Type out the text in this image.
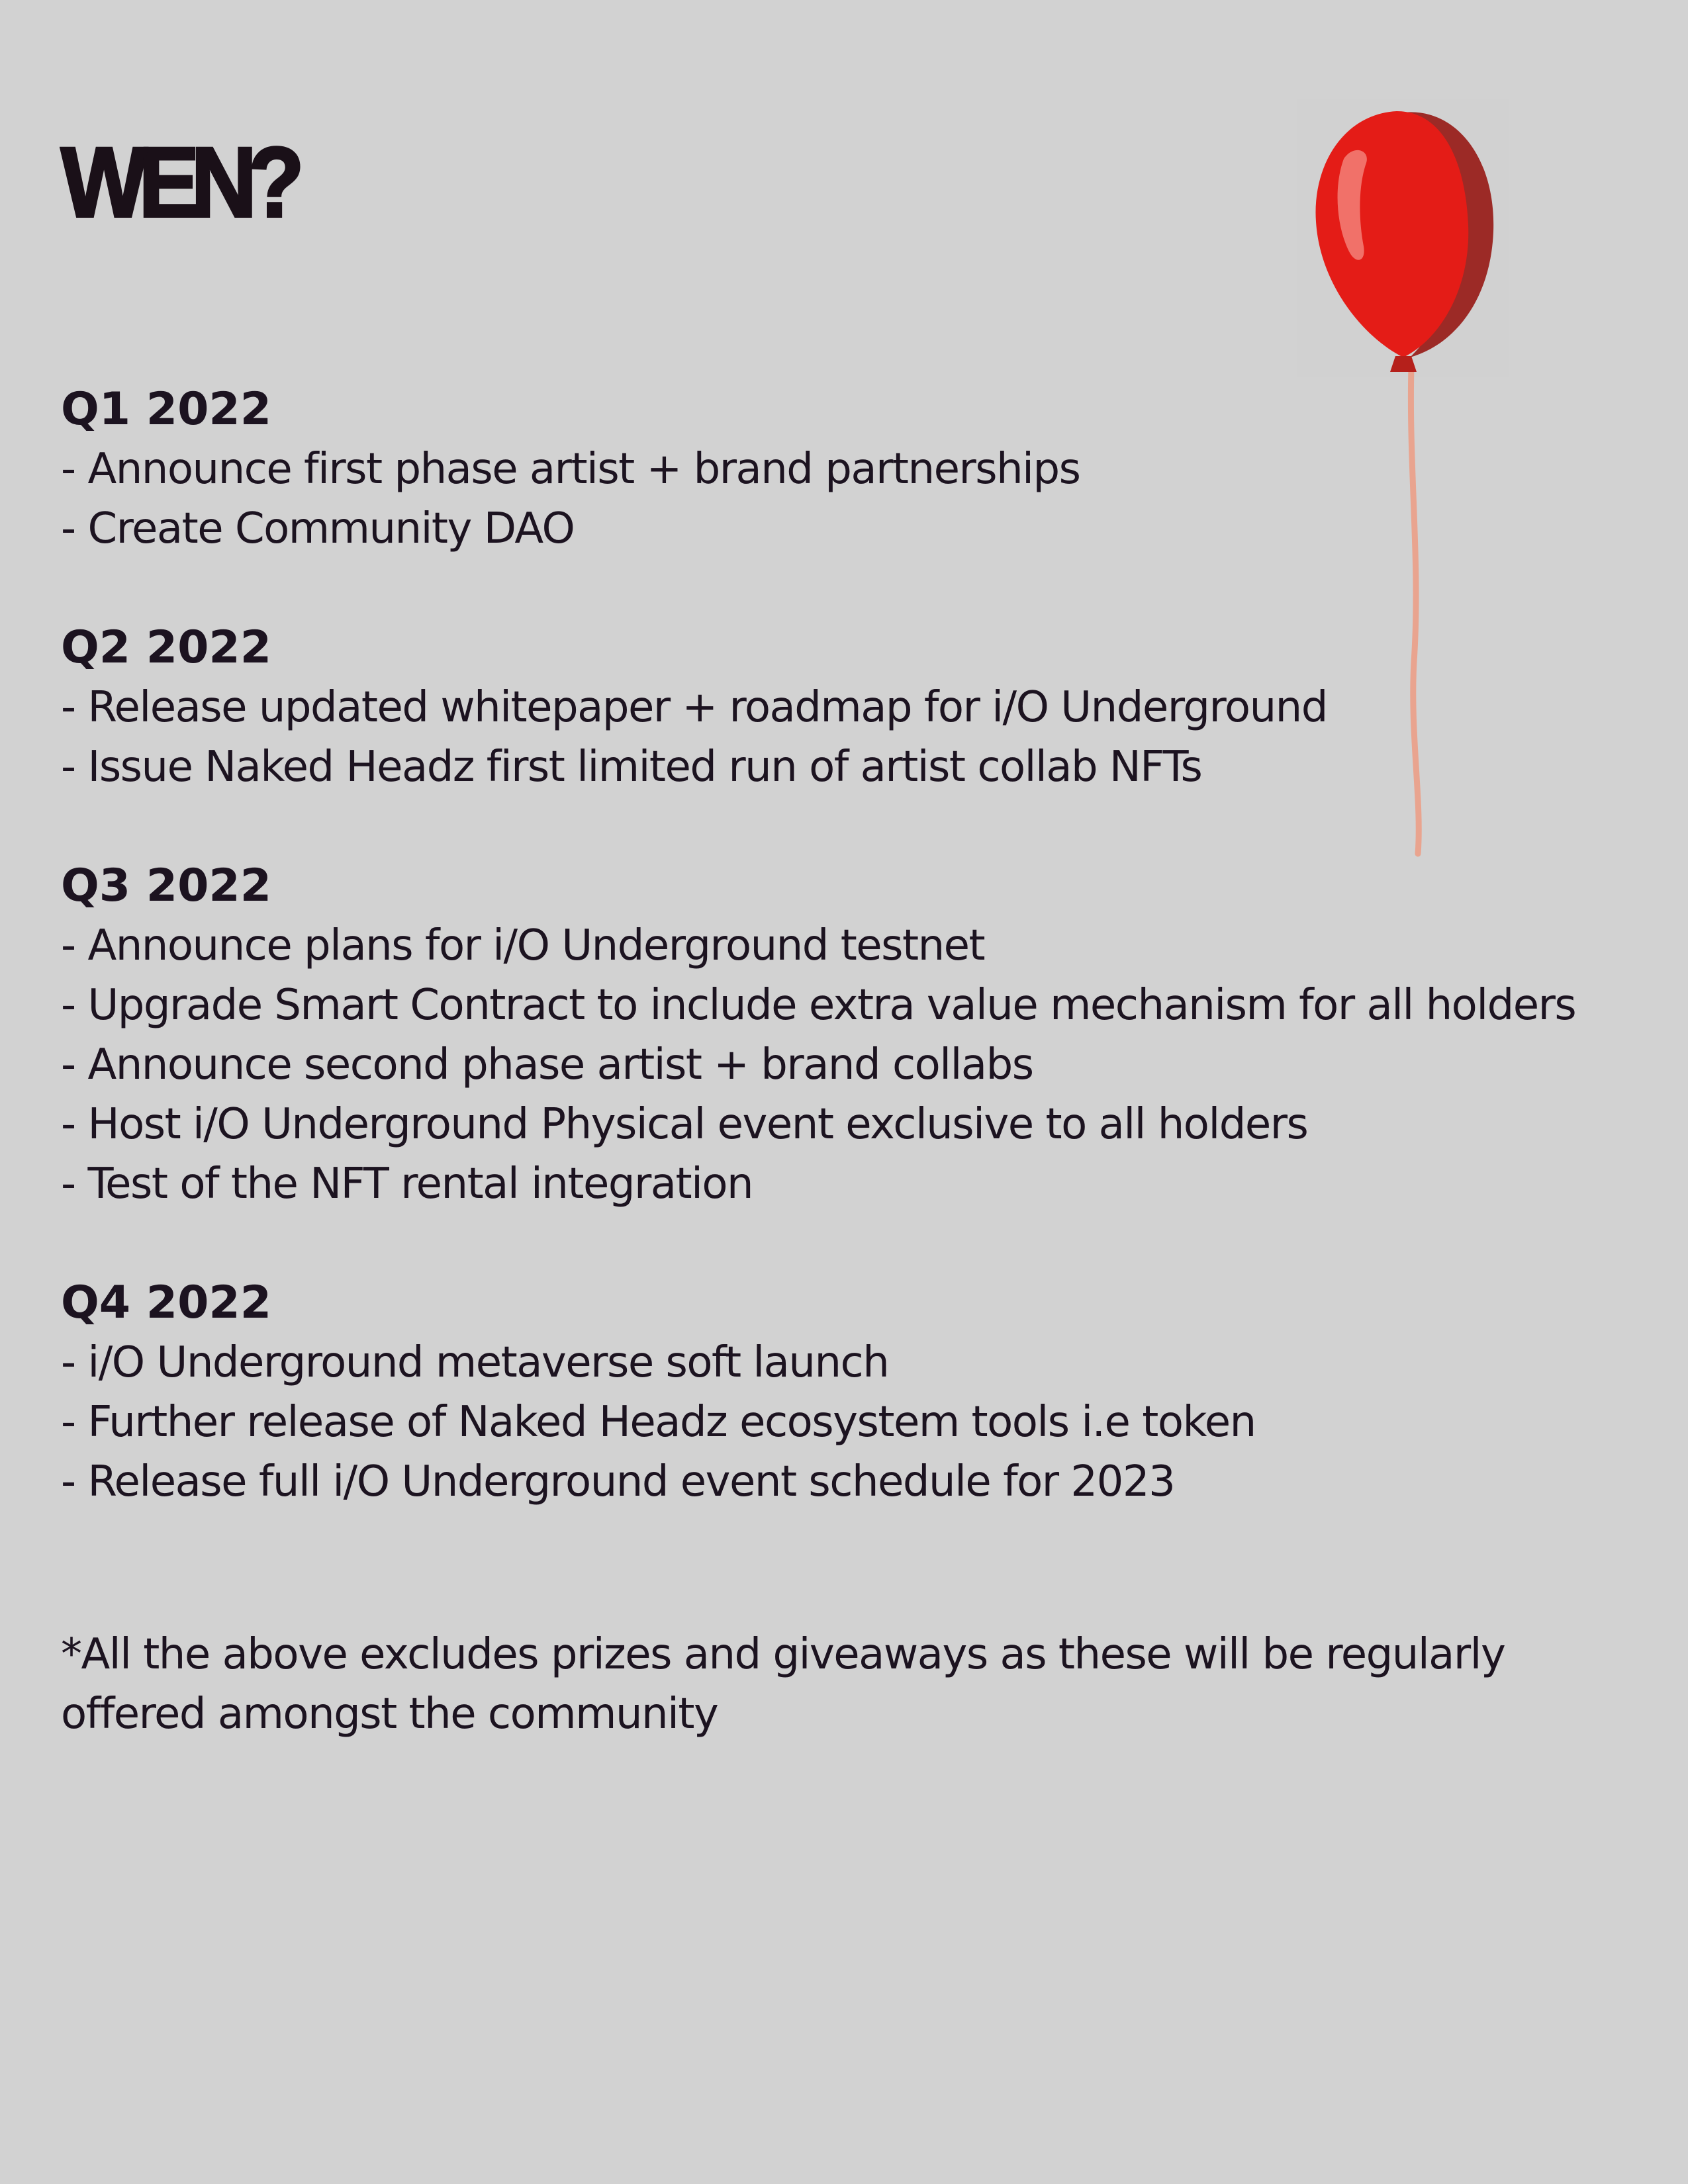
WEN?
Q1 2022
- Announce first phase artist + brand partnerships
- Create Community DAO
Q2 2022
- Release updated whitepaper + roadmap for i/O Underground
- Issue Naked Headz first limited run of artist collab NFTs
Q3 2022
- Announce plans for i/O Underground testnet
- Upgrade Smart Contract to include extra value mechanism for all holders
- Announce second phase artist + brand collabs
- Host i/O Underground Physical event exclusive to all holders
- Test of the NFT rental integration
Q4 2022
- i/O Underground metaverse soft launch
- Further release of Naked Headz ecosystem tools i.e token
- Release full i/O Underground event schedule for 2023

*All the above excludes prizes and giveaways as these will be regularly offered amongst the community
